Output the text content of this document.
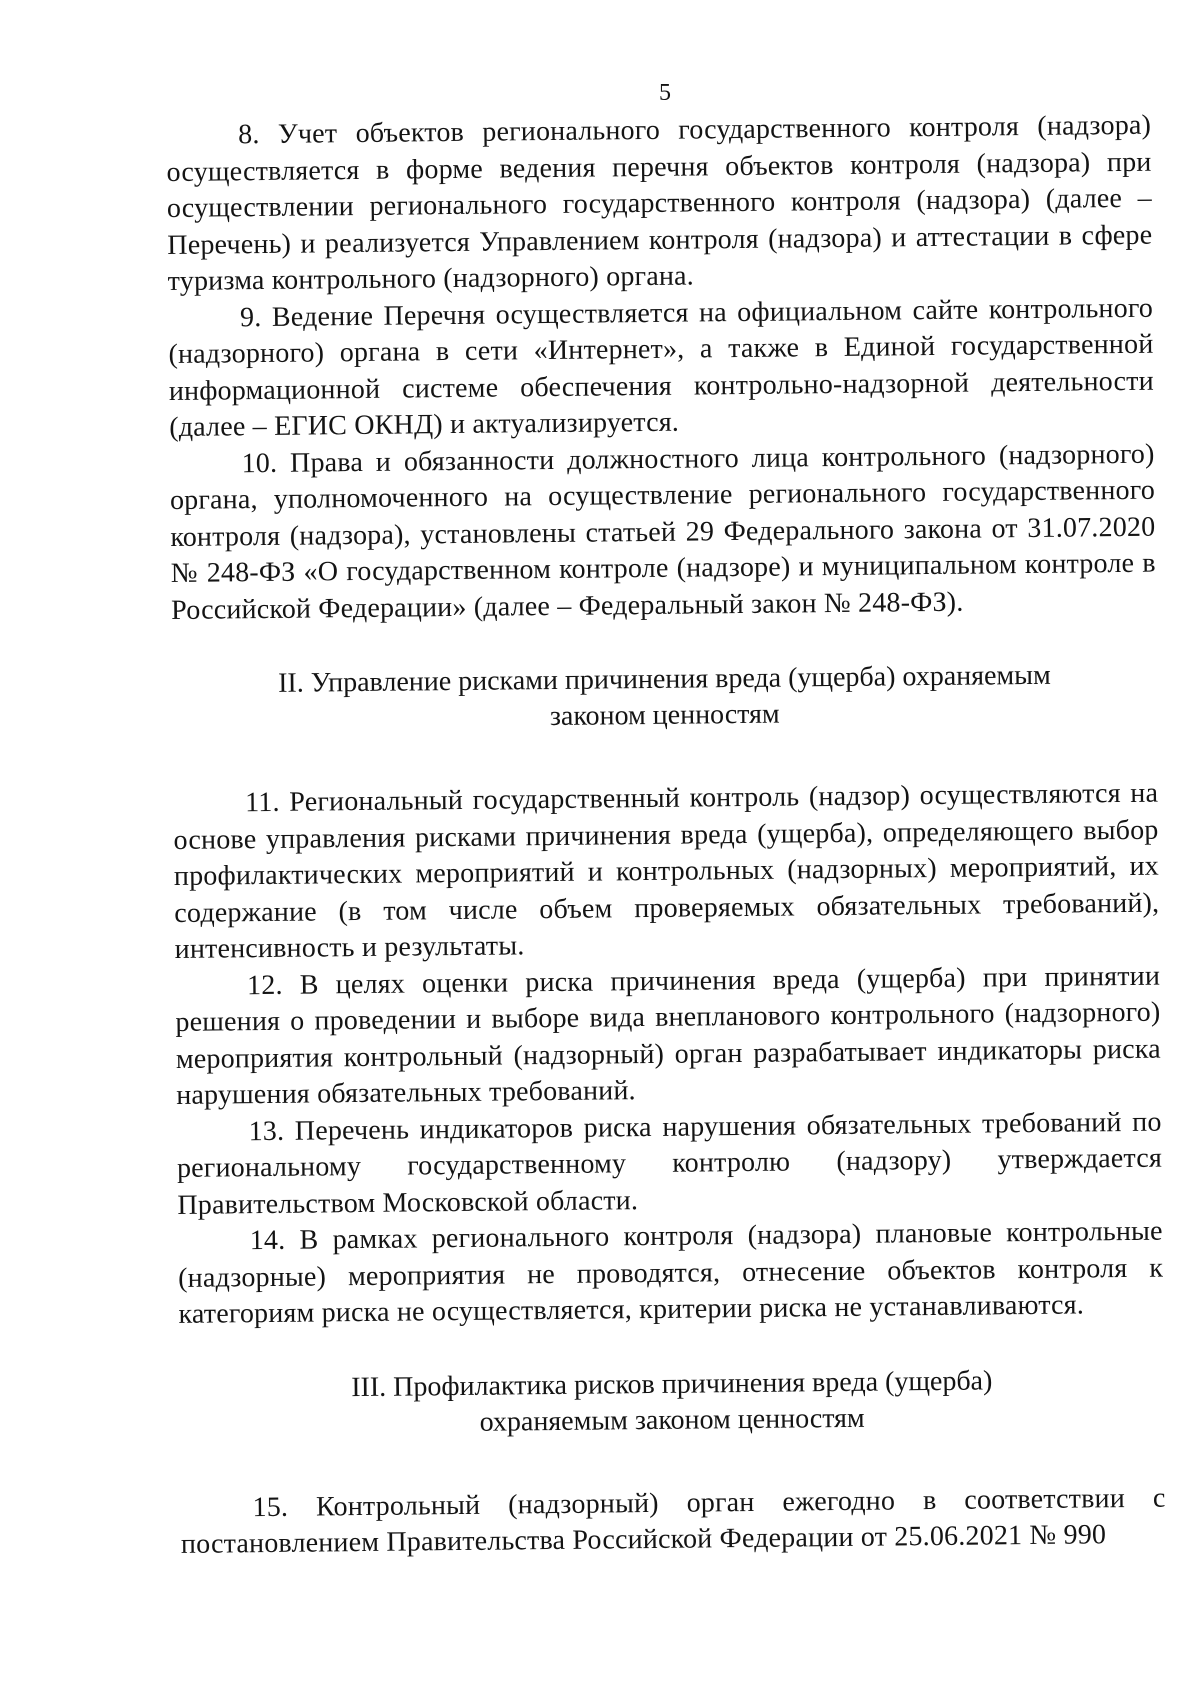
5

8. Учет объектов регионального государственного контроля (надзора) осуществляется в форме ведения перечня объектов контроля (надзора) при осуществлении регионального государственного контроля (надзора) (далее – Перечень) и реализуется Управлением контроля (надзора) и аттестации в сфере туризма контрольного (надзорного) органа.

9. Ведение Перечня осуществляется на официальном сайте контрольного (надзорного) органа в сети «Интернет», а также в Единой государственной информационной системе обеспечения контрольно-надзорной деятельности (далее – ЕГИС ОКНД) и актуализируется.

10. Права и обязанности должностного лица контрольного (надзорного) органа, уполномоченного на осуществление регионального государственного контроля (надзора), установлены статьей 29 Федерального закона от 31.07.2020 № 248-ФЗ «О государственном контроле (надзоре) и муниципальном контроле в Российской Федерации» (далее – Федеральный закон № 248-ФЗ).

II. Управление рисками причинения вреда (ущерба) охраняемым
законом ценностям

11. Региональный государственный контроль (надзор) осуществляются на основе управления рисками причинения вреда (ущерба), определяющего выбор профилактических мероприятий и контрольных (надзорных) мероприятий, их содержание (в том числе объем проверяемых обязательных требований), интенсивность и результаты.

12. В целях оценки риска причинения вреда (ущерба) при принятии решения о проведении и выборе вида внепланового контрольного (надзорного) мероприятия контрольный (надзорный) орган разрабатывает индикаторы риска нарушения обязательных требований.

13. Перечень индикаторов риска нарушения обязательных требований по региональному государственному контролю (надзору) утверждается Правительством Московской области.

14. В рамках регионального контроля (надзора) плановые контрольные (надзорные) мероприятия не проводятся, отнесение объектов контроля к категориям риска не осуществляется, критерии риска не устанавливаются.

III. Профилактика рисков причинения вреда (ущерба)
охраняемым законом ценностям

15. Контрольный (надзорный) орган ежегодно в соответствии с постановлением Правительства Российской Федерации от 25.06.2021 № 990
